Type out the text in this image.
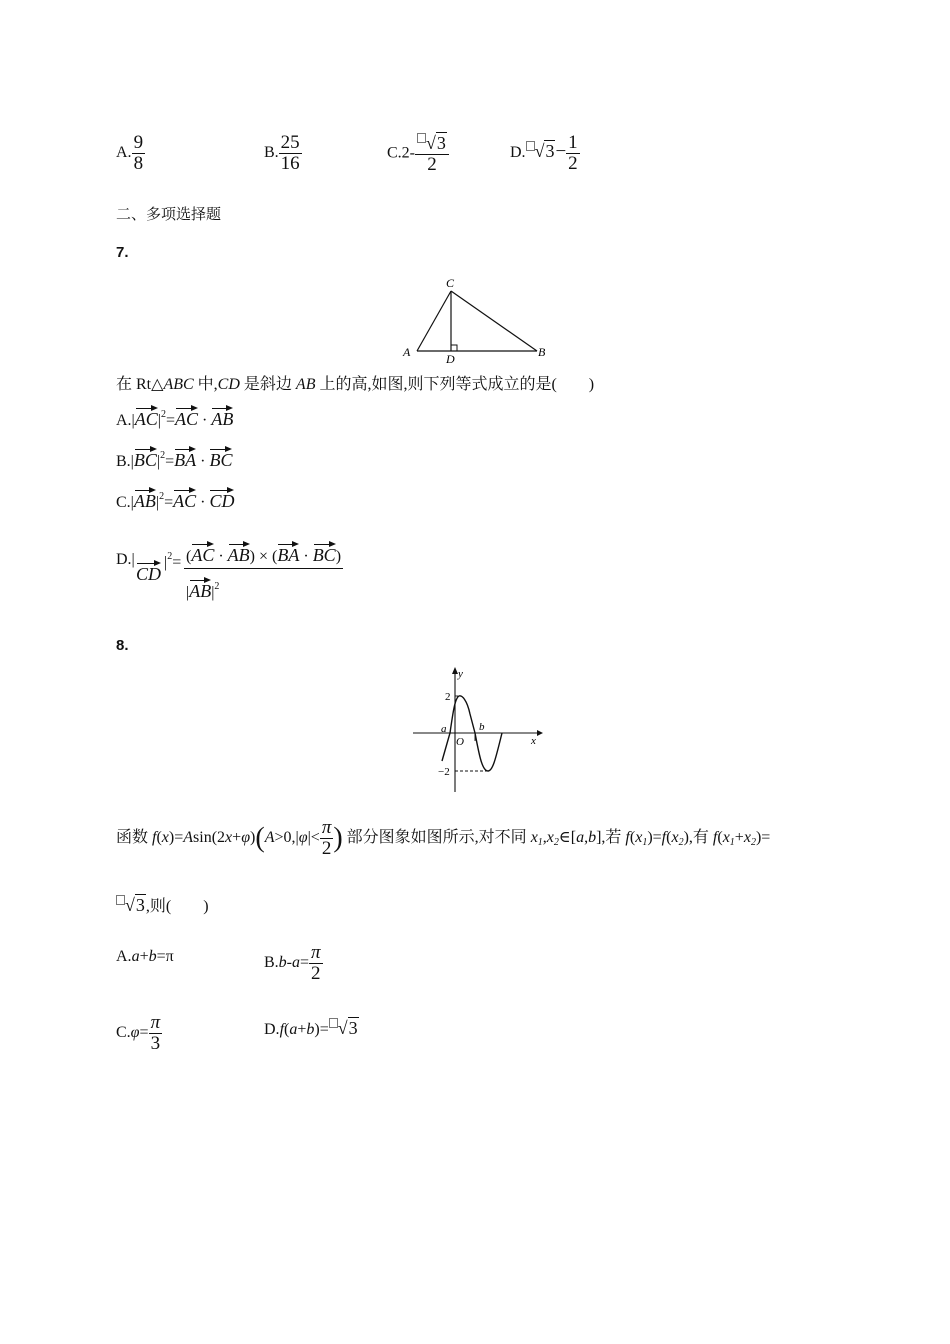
A. $\frac{9}{8}$	B. $\frac{25}{16}$	$C.2- \frac{√3}{2}$	D. $√3- \frac{1}{2}$
二、多项选择题
7.
A	B
C
D
在 Rt△ABC 中,CD 是斜边 AB 上的高,如图,则下列等式成立的是(　　)
$A.|AC|^2=AC$ · AB
$B.|BC|^2=BA$ · BC
$C.|AB|^2=AC$ · CD
D.|
CD
$|^2= (AC \cdot AB) \times (BA \cdot BC)$
$|AB|^2$
8.
y
x
2
−2
a	b
O
函数 $f(x)=Asin(2x+\varphi)(A>0,|\varphi|< \frac{\pi}{2}$ ) 部分图象如图所示,对不同 $x_1,x_2\in[a,b]$,若 $f(x_1)=f(x_2)$,有 $f(x_1+x_2)=$
√3,则(　　)
A.a+b=π	$B.b-a= \frac{\pi}{2}$
$C.\varphi= \frac{\pi}{3}$	D.f(a+b)= √3
